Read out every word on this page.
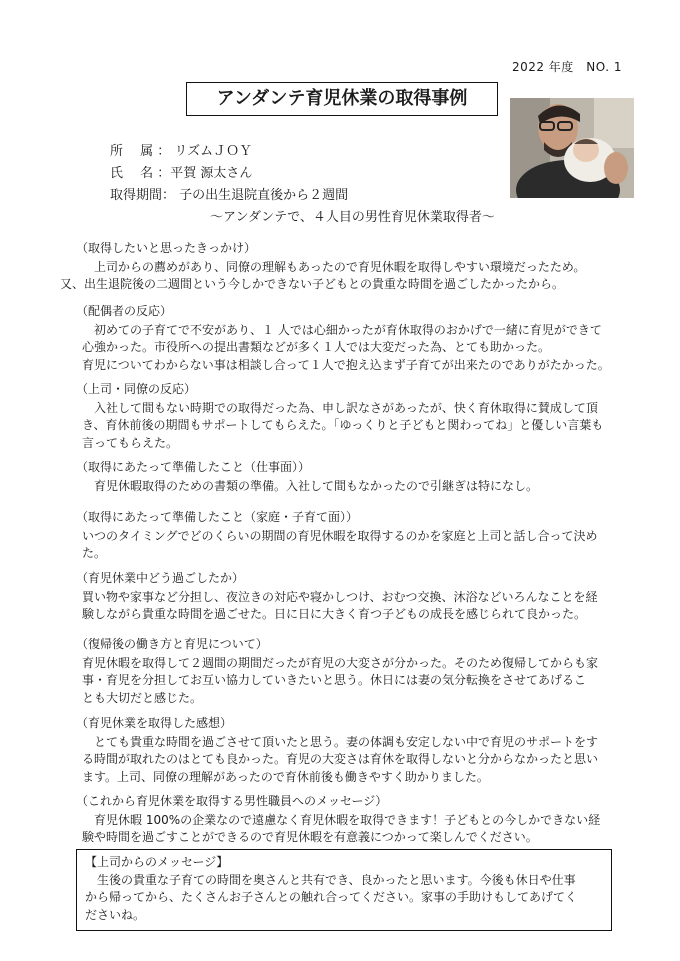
2022 年度　NO. 1
アンダンテ育児休業の取得事例
所　 属 ： リズムＪＯＹ
氏　 名 ：平賀 源太さん
取得期間： 子の出生退院直後から２週間
～アンダンテで、４人目の男性育児休業取得者～
（取得したいと思ったきっかけ）

上司からの薦めがあり、同僚の理解もあったので育児休暇を取得しやすい環境だったため。

又、出生退院後の二週間という今しかできない子どもとの貴重な時間を過ごしたかったから。

（配偶者の反応）

初めての子育てで不安があり、１ 人では心細かったが育休取得のおかげで一緒に育児ができて

心強かった。市役所への提出書類などが多く１人では大変だった為、とても助かった。

育児についてわからない事は相談し合って１人で抱え込まず子育てが出来たのでありがたかった。

（上司・同僚の反応）

入社して間もない時期での取得だった為、申し訳なさがあったが、快く育休取得に賛成して頂

き、育休前後の期間もサポートしてもらえた。「ゆっくりと子どもと関わってね」と優しい言葉も

言ってもらえた。

（取得にあたって準備したこと（仕事面））

育児休暇取得のための書類の準備。入社して間もなかったので引継ぎは特になし。

（取得にあたって準備したこと（家庭・子育て面））

いつのタイミングでどのくらいの期間の育児休暇を取得するのかを家庭と上司と話し合って決め

た。

（育児休業中どう過ごしたか）

買い物や家事など分担し、夜泣きの対応や寝かしつけ、おむつ交換、沐浴などいろんなことを経

験しながら貴重な時間を過ごせた。日に日に大きく育つ子どもの成長を感じられて良かった。

（復帰後の働き方と育児について）

育児休暇を取得して２週間の期間だったが育児の大変さが分かった。そのため復帰してからも家

事・育児を分担してお互い協力していきたいと思う。休日には妻の気分転換をさせてあげるこ

とも大切だと感じた。

（育児休業を取得した感想）

とても貴重な時間を過ごさせて頂いたと思う。妻の体調も安定しない中で育児のサポートをす

る時間が取れたのはとても良かった。育児の大変さは育休を取得しないと分からなかったと思い

ます。上司、同僚の理解があったので育休前後も働きやすく助かりました。

（これから育児休業を取得する男性職員へのメッセージ）

育児休暇 100%の企業なので遠慮なく育児休暇を取得できます！子どもとの今しかできない経

験や時間を過ごすことができるので育児休暇を有意義につかって楽しんでください。

【上司からのメッセージ】

生後の貴重な子育ての時間を奥さんと共有でき、良かったと思います。今後も休日や仕事

から帰ってから、たくさんお子さんとの触れ合ってください。家事の手助けもしてあげてく

ださいね。
